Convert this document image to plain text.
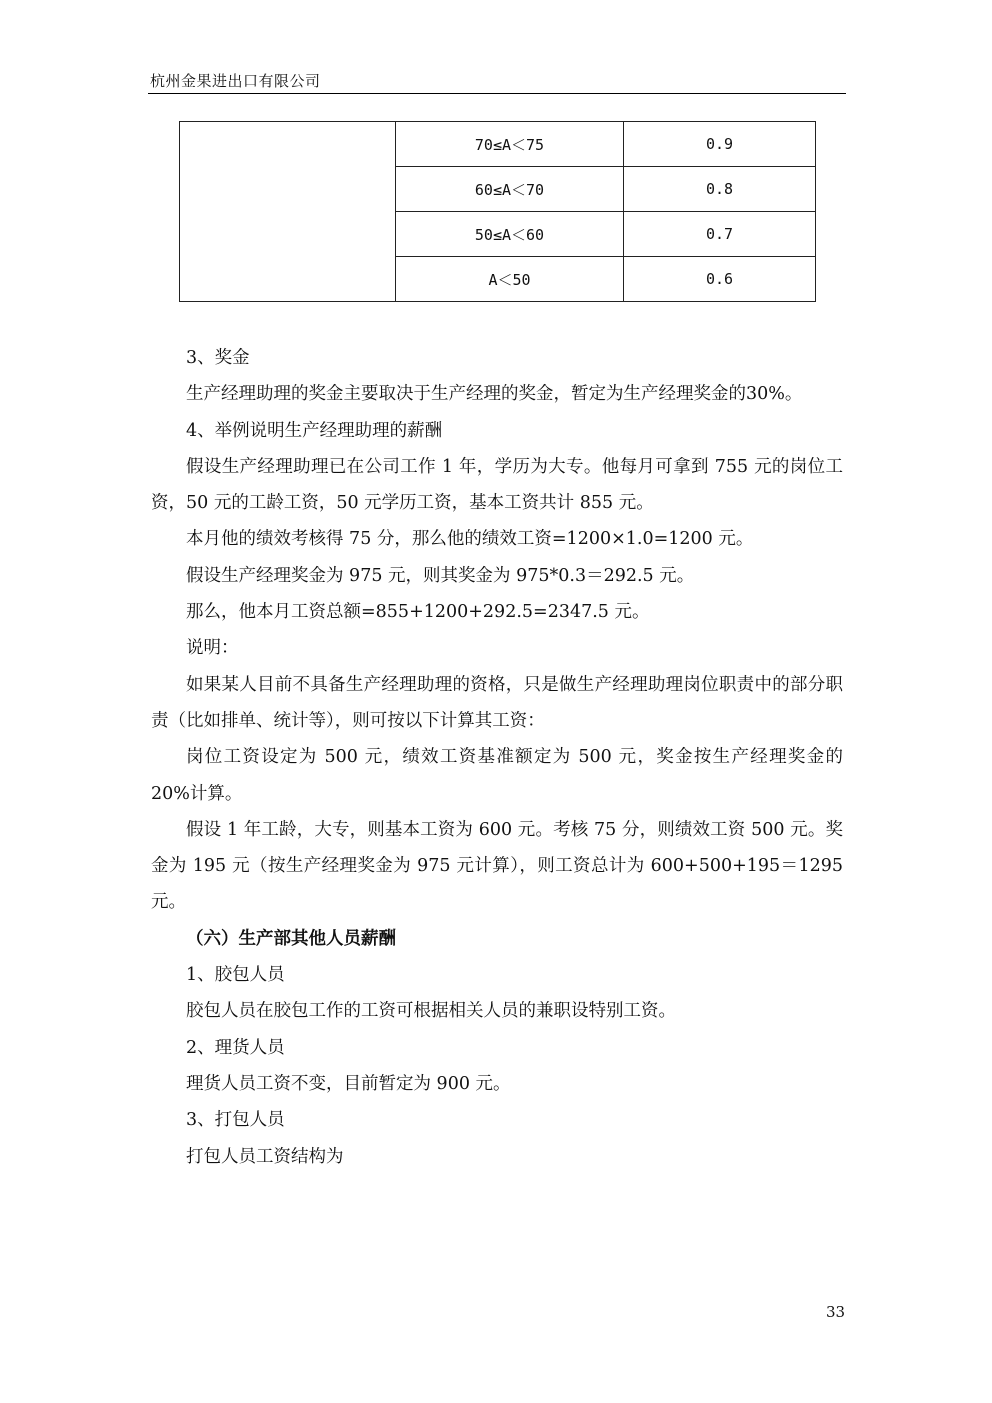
杭州金果进出口有限公司
	70≤A＜75	0.9
	60≤A＜70	0.8
	50≤A＜60	0.7
	A＜50	0.6

3、奖金

生产经理助理的奖金主要取决于生产经理的奖金，暂定为生产经理奖金的30%。

4、举例说明生产经理助理的薪酬

假设生产经理助理已在公司工作 1 年，学历为大专。他每月可拿到 755 元的岗位工资，50 元的工龄工资，50 元学历工资，基本工资共计 855 元。

本月他的绩效考核得 75 分，那么他的绩效工资=1200×1.0=1200 元。

假设生产经理奖金为 975 元，则其奖金为 975*0.3＝292.5 元。

那么，他本月工资总额=855+1200+292.5=2347.5 元。

说明：

如果某人目前不具备生产经理助理的资格，只是做生产经理助理岗位职责中的部分职责（比如排单、统计等），则可按以下计算其工资：

岗位工资设定为 500 元，绩效工资基准额定为 500 元，奖金按生产经理奖金的 20%计算。

假设 1 年工龄，大专，则基本工资为 600 元。考核 75 分，则绩效工资 500 元。奖金为 195 元（按生产经理奖金为 975 元计算），则工资总计为 600+500+195＝1295 元。

（六）生产部其他人员薪酬

1、胶包人员

胶包人员在胶包工作的工资可根据相关人员的兼职设特别工资。

2、理货人员

理货人员工资不变，目前暂定为 900 元。

3、打包人员

打包人员工资结构为

33
